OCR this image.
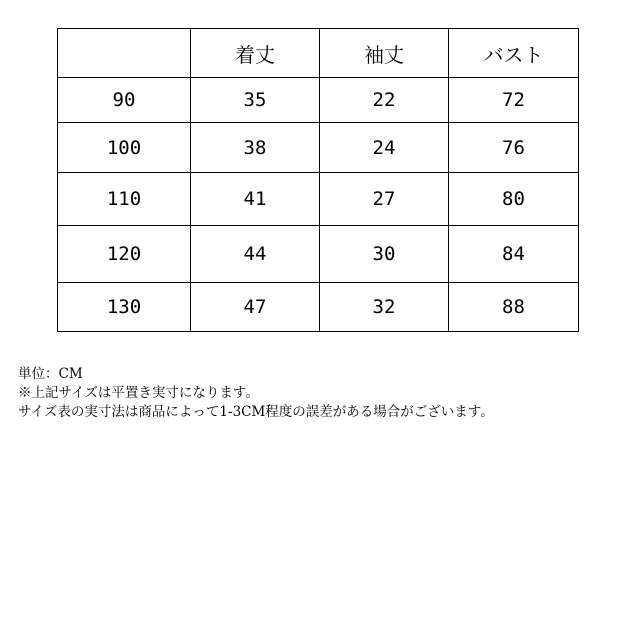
	着丈	袖丈	バスト
90	35	22	72
100	38	24	76
110	41	27	80
120	44	30	84
130	47	32	88
単位：CM
※上記サイズは平置き実寸になります。
サイズ表の実寸法は商品によって1-3CM程度の誤差がある場合がございます。
